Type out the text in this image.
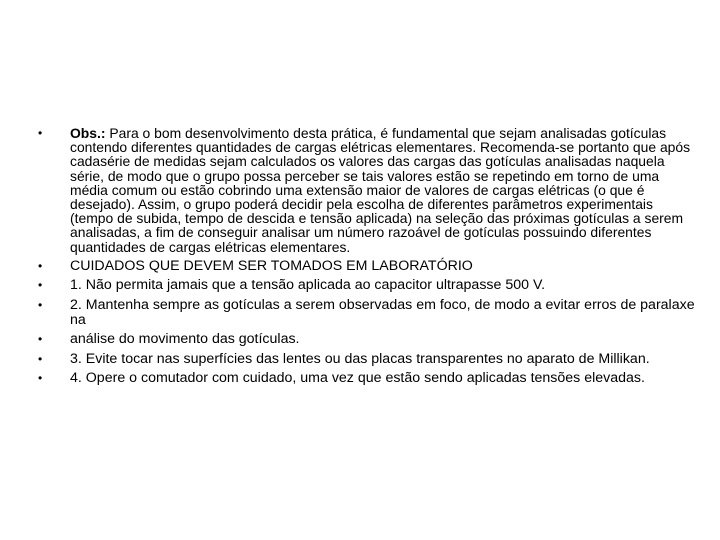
• Obs.: Para o bom desenvolvimento desta prática, é fundamental que sejam analisadas gotículas contendo diferentes quantidades de cargas elétricas elementares. Recomenda-se portanto que após cadasérie de medidas sejam calculados os valores das cargas das gotículas analisadas naquela série, de modo que o grupo possa perceber se tais valores estão se repetindo em torno de uma média comum ou estão cobrindo uma extensão maior de valores de cargas elétricas (o que é desejado). Assim, o grupo poderá decidir pela escolha de diferentes parâmetros experimentais (tempo de subida, tempo de descida e tensão aplicada) na seleção das próximas gotículas a serem analisadas, a fim de conseguir analisar um número razoável de gotículas possuindo diferentes quantidades de cargas elétricas elementares.
• CUIDADOS QUE DEVEM SER TOMADOS EM LABORATÓRIO
• 1. Não permita jamais que a tensão aplicada ao capacitor ultrapasse 500 V.
• 2. Mantenha sempre as gotículas a serem observadas em foco, de modo a evitar erros de paralaxe na
• análise do movimento das gotículas.
• 3. Evite tocar nas superfícies das lentes ou das placas transparentes no aparato de Millikan.
• 4. Opere o comutador com cuidado, uma vez que estão sendo aplicadas tensões elevadas.
